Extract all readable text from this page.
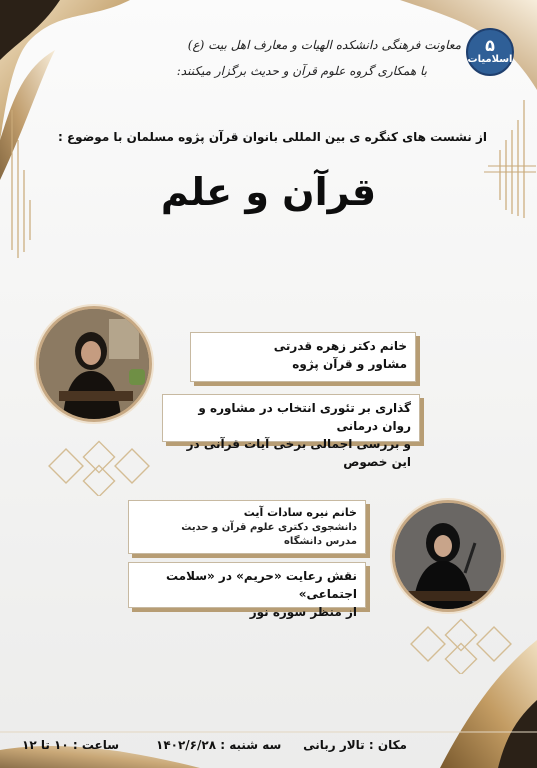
۵
اسلامیات
معاونت فرهنگی دانشکده الهیات و معارف اهل بیت (ع)
با همکاری گروه علوم قرآن و حدیث برگزار میکنند:
از نشست های کنگره ی بین المللی بانوان قرآن پژوه مسلمان با موضوع :
قرآن و علم
خانم دکتر زهره قدرتی
مشاور و قرآن پژوه
گذاری بر تئوری انتخاب در مشاوره و روان درمانی
و بررسی اجمالی برخی آیات قرآنی در این خصوص
خانم نیره سادات آیت
دانشجوی دکتری علوم قرآن و حدیث
مدرس دانشگاه
نقش رعایت «حریم» در «سلامت اجتماعی»
از منظر سوره نور
مکان : تالار ربانی
سه شنبه : ۱۴۰۲/۶/۲۸
ساعت : ۱۰ تا ۱۲
